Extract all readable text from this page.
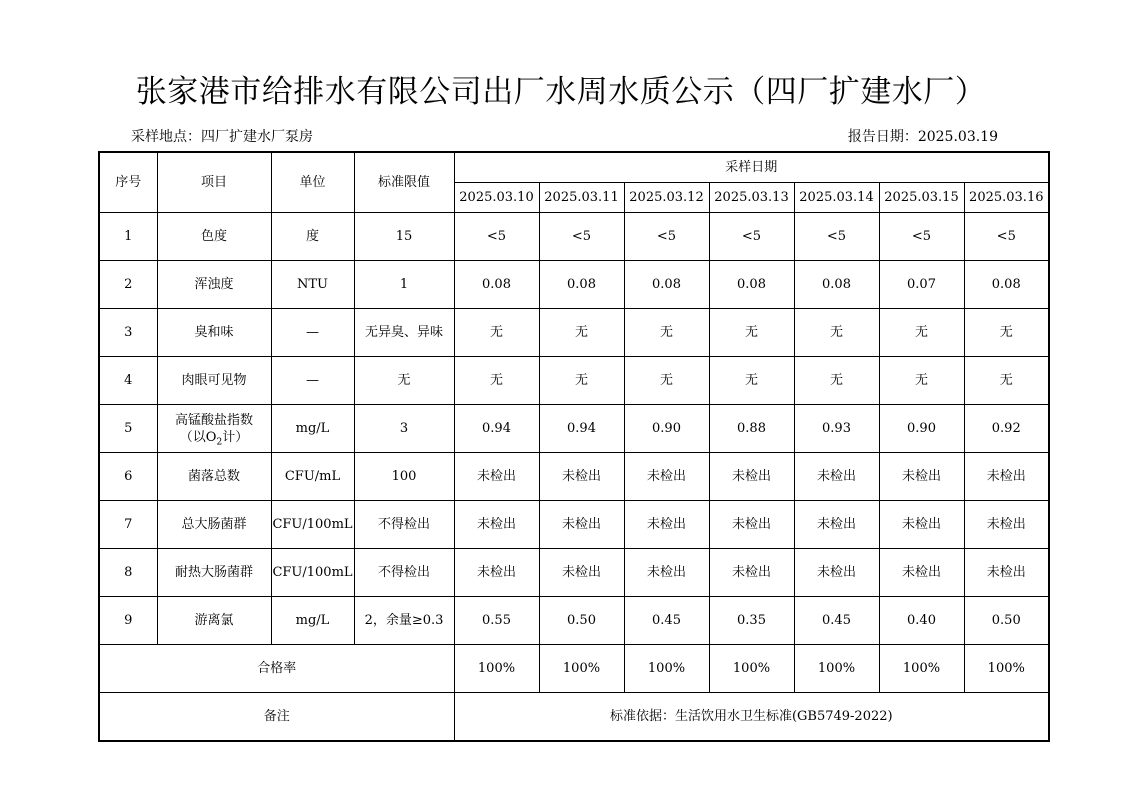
张家港市给排水有限公司出厂水周水质公示（四厂扩建水厂）
采样地点：四厂扩建水厂泵房	报告日期：2025.03.19
序号	项目	单位	标准限值	采样日期						
				2025.03.10	2025.03.11	2025.03.12	2025.03.13	2025.03.14	2025.03.15	2025.03.16
1	色度	度	15	<5	<5	<5	<5	<5	<5	<5
2	浑浊度	NTU	1	0.08	0.08	0.08	0.08	0.08	0.07	0.08
3	臭和味	—	无异臭、异味	无	无	无	无	无	无	无
4	肉眼可见物	—	无	无	无	无	无	无	无	无
5	高锰酸盐指数
（以$O_2$计）	mg/L	3	0.94	0.94	0.90	0.88	0.93	0.90	0.92
6	菌落总数	CFU/mL	100	未检出	未检出	未检出	未检出	未检出	未检出	未检出
7	总大肠菌群	CFU/100mL	不得检出	未检出	未检出	未检出	未检出	未检出	未检出	未检出
8	耐热大肠菌群	CFU/100mL	不得检出	未检出	未检出	未检出	未检出	未检出	未检出	未检出
9	游离氯	mg/L	2，余量≥0.3	0.55	0.50	0.45	0.35	0.45	0.40	0.50
合格率				100%	100%	100%	100%	100%	100%	100%
备注				标准依据：生活饮用水卫生标准(GB5749-2022)						
